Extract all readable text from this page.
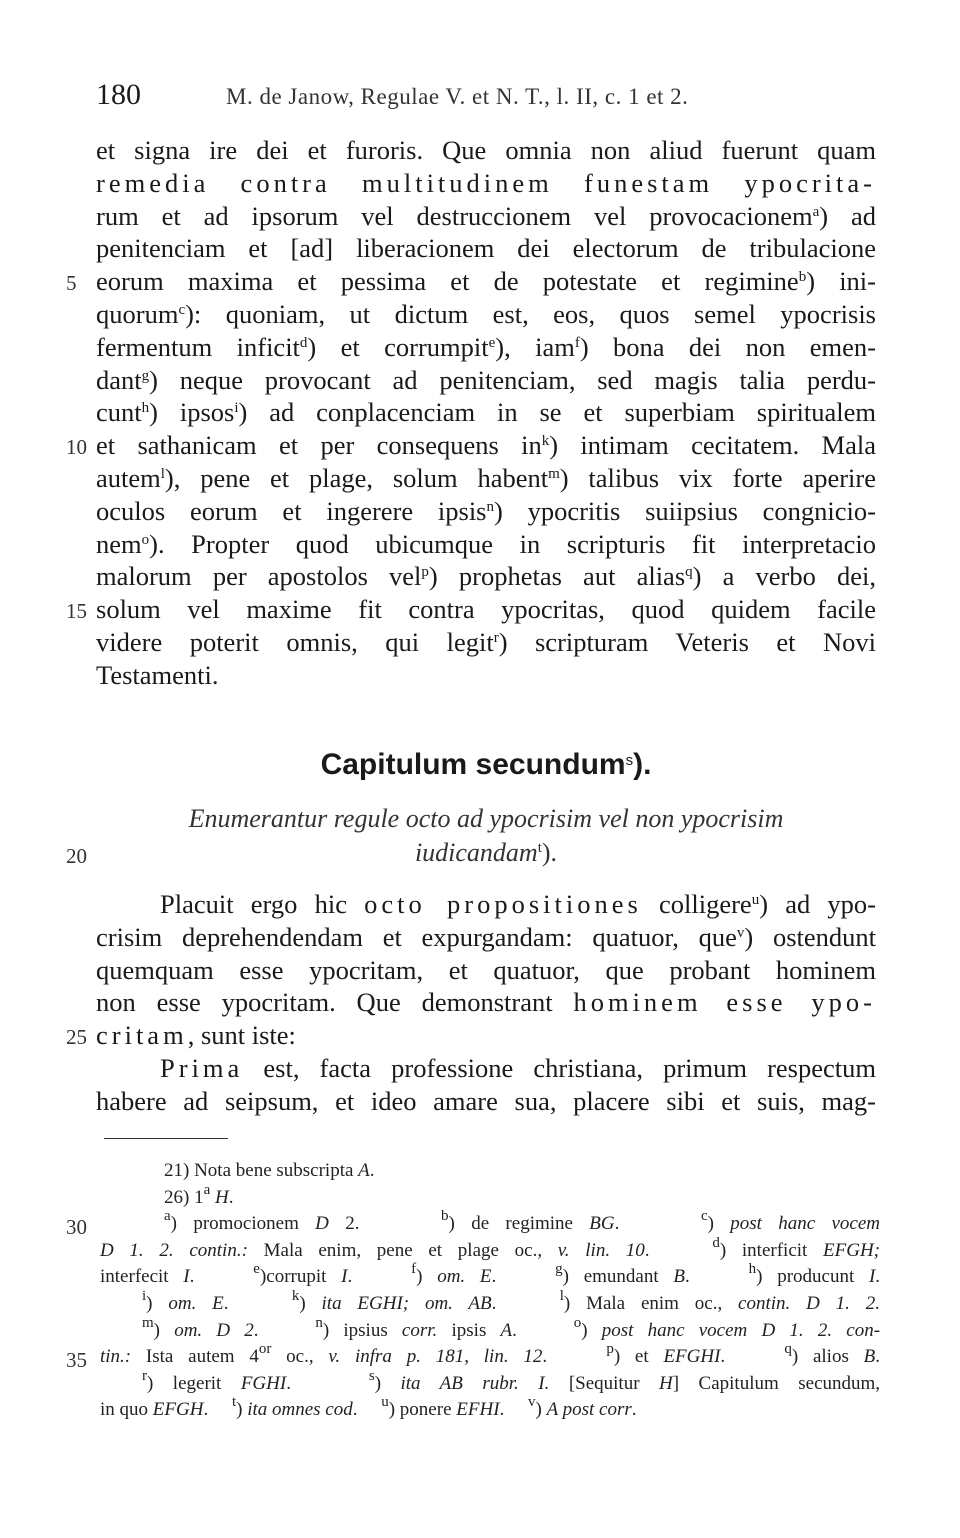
180	M. de Janow, Regulae V. et N. T., l. II, c. 1 et 2.
et signa ire dei et furoris. Que omnia non aliud fuerunt quam
remedia contra multitudinem funestam ypocrita-
rum et ad ipsorum vel destruccionem vel provocacionem$^a$) ad
penitenciam et [ad] liberacionem dei electorum de tribulacione
eorum maxima et pessima et de potestate et regimine$^b$) ini-
5
quorum$^c$): quoniam, ut dictum est, eos, quos semel ypocrisis
fermentum inficit$^d$) et corrumpit$^e$), iam$^f$) bona dei non emen-
dant$^g$) neque provocant ad penitenciam, sed magis talia perdu-
cunt$^h$) ipsos$^i$) ad conplacenciam in se et superbiam spiritualem
et sathanicam et per consequens $in^k$) intimam cecitatem. Mala
10
autem$^l$), pene et plage, solum habent$^m$) talibus vix forte aperire
oculos eorum et ingerere ipsis$^n$) ypocritis suiipsius congnicio-
nem$^o$). Propter quod ubicumque in scripturis fit interpretacio
malorum per apostolos vel$^p$) prophetas aut alias$^q$) a verbo dei,
solum vel maxime fit contra ypocritas, quod quidem facile
15
videre poterit omnis, qui legit$^r$) scripturam Veteris et Novi
Testamenti.
Capitulum secundum$^s$).
Enumerantur regule octo ad ypocrisim vel non ypocrisim
iudicandam$^t$).
20
Placuit ergo hic octo propositiones colligere$^u$) ad ypo-
crisim deprehendendam et expurgandam: quatuor, que$^v$) ostendunt
quemquam esse ypocritam, et quatuor, que probant hominem
non esse ypocritam. Que demonstrant hominem esse ypo-
critam, sunt iste:
25
Prima est, facta professione christiana, primum respectum
habere ad seipsum, et ideo amare sua, placere sibi et suis, mag-
21) Nota bene subscripta A.
26) 1$^a$ H.
$^a$) promocionem D 2.     $^b$) de regimine BG.     $^c$) post hanc vocem
30
D 1. 2. contin.: Mala enim, pene et plage oc., v. lin. 10.    $^d$) interficit EFGH;
interfecit I.    $^e$)corrupit I.    $^f$) om. E.    $^g$) emundant B.    $^h$) producunt I.
$^i$) om. E.    $^k$) ita EGHI; om. AB.    $^l$) Mala enim oc., contin. D 1. 2.
$^m$) om. D 2.    $^n$) ipsius corr. ipsis A.    $^o$) post hanc vocem D 1. 2. con-
tin.: Ista autem $4^{or}$ oc., v. infra p. 181, lin. 12.    $^p$) et EFGHI.    $^q$) alios B.
35
$^r$) legerit FGHI.    $^s$) ita AB rubr. I. [Sequitur H] Capitulum secundum,
in quo EFGH.     $^t$) ita omnes cod.     $^u$) ponere EFHI.     $^v$) A post corr.
